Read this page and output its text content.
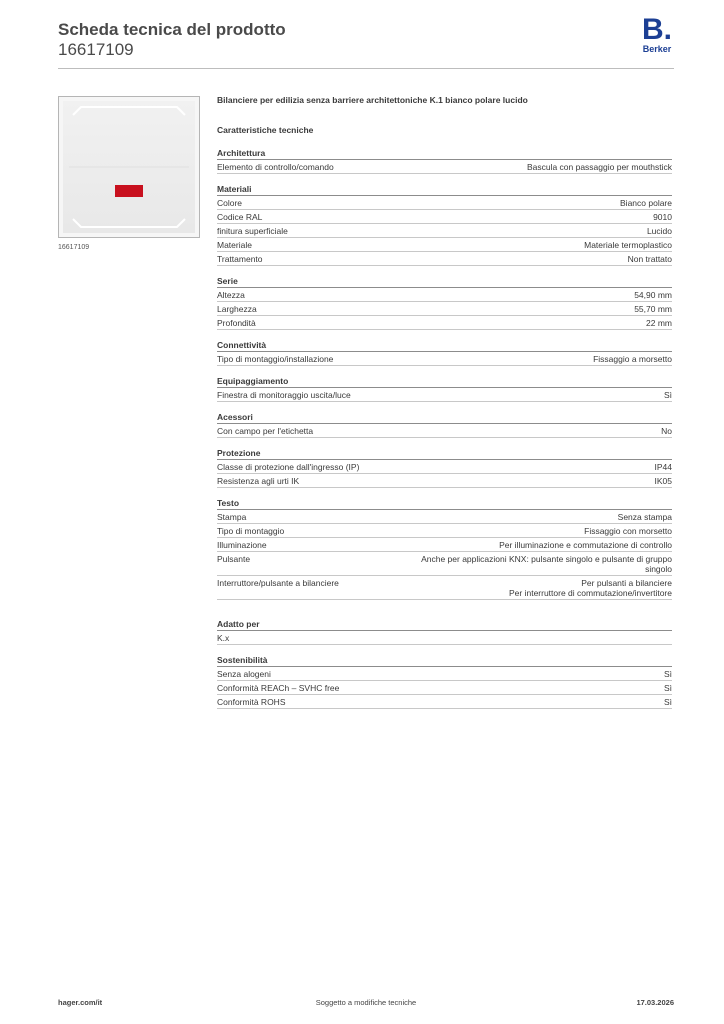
Scheda tecnica del prodotto
16617109
B.
Berker
16617109
Bilanciere per edilizia senza barriere architettoniche K.1 bianco polare lucido
Caratteristiche tecniche
Architettura
Elemento di controllo/comando	Bascula con passaggio per mouthstick
Materiali
Colore	Bianco polare
Codice RAL	9010
finitura superficiale	Lucido
Materiale	Materiale termoplastico
Trattamento	Non trattato
Serie
Altezza	54,90 mm
Larghezza	55,70 mm
Profondità	22 mm
Connettività
Tipo di montaggio/installazione	Fissaggio a morsetto
Equipaggiamento
Finestra di monitoraggio uscita/luce	Sì
Acessori
Con campo per l'etichetta	No
Protezione
Classe di protezione dall'ingresso (IP)	IP44
Resistenza agli urti IK	IK05
Testo
Stampa	Senza stampa
Tipo di montaggio	Fissaggio con morsetto
Illuminazione	Per illuminazione e commutazione di controllo
Pulsante	Anche per applicazioni KNX: pulsante singolo e pulsante di gruppo
singolo
Interruttore/pulsante a bilanciere	Per pulsanti a bilanciere
Per interruttore di commutazione/invertitore
Adatto per
K.x

Sostenibilità
Senza alogeni	Sì
Conformità REACh – SVHC free	Sì
Conformità ROHS	Sì
hager.com/it	Soggetto a modifiche tecniche	17.03.2026
